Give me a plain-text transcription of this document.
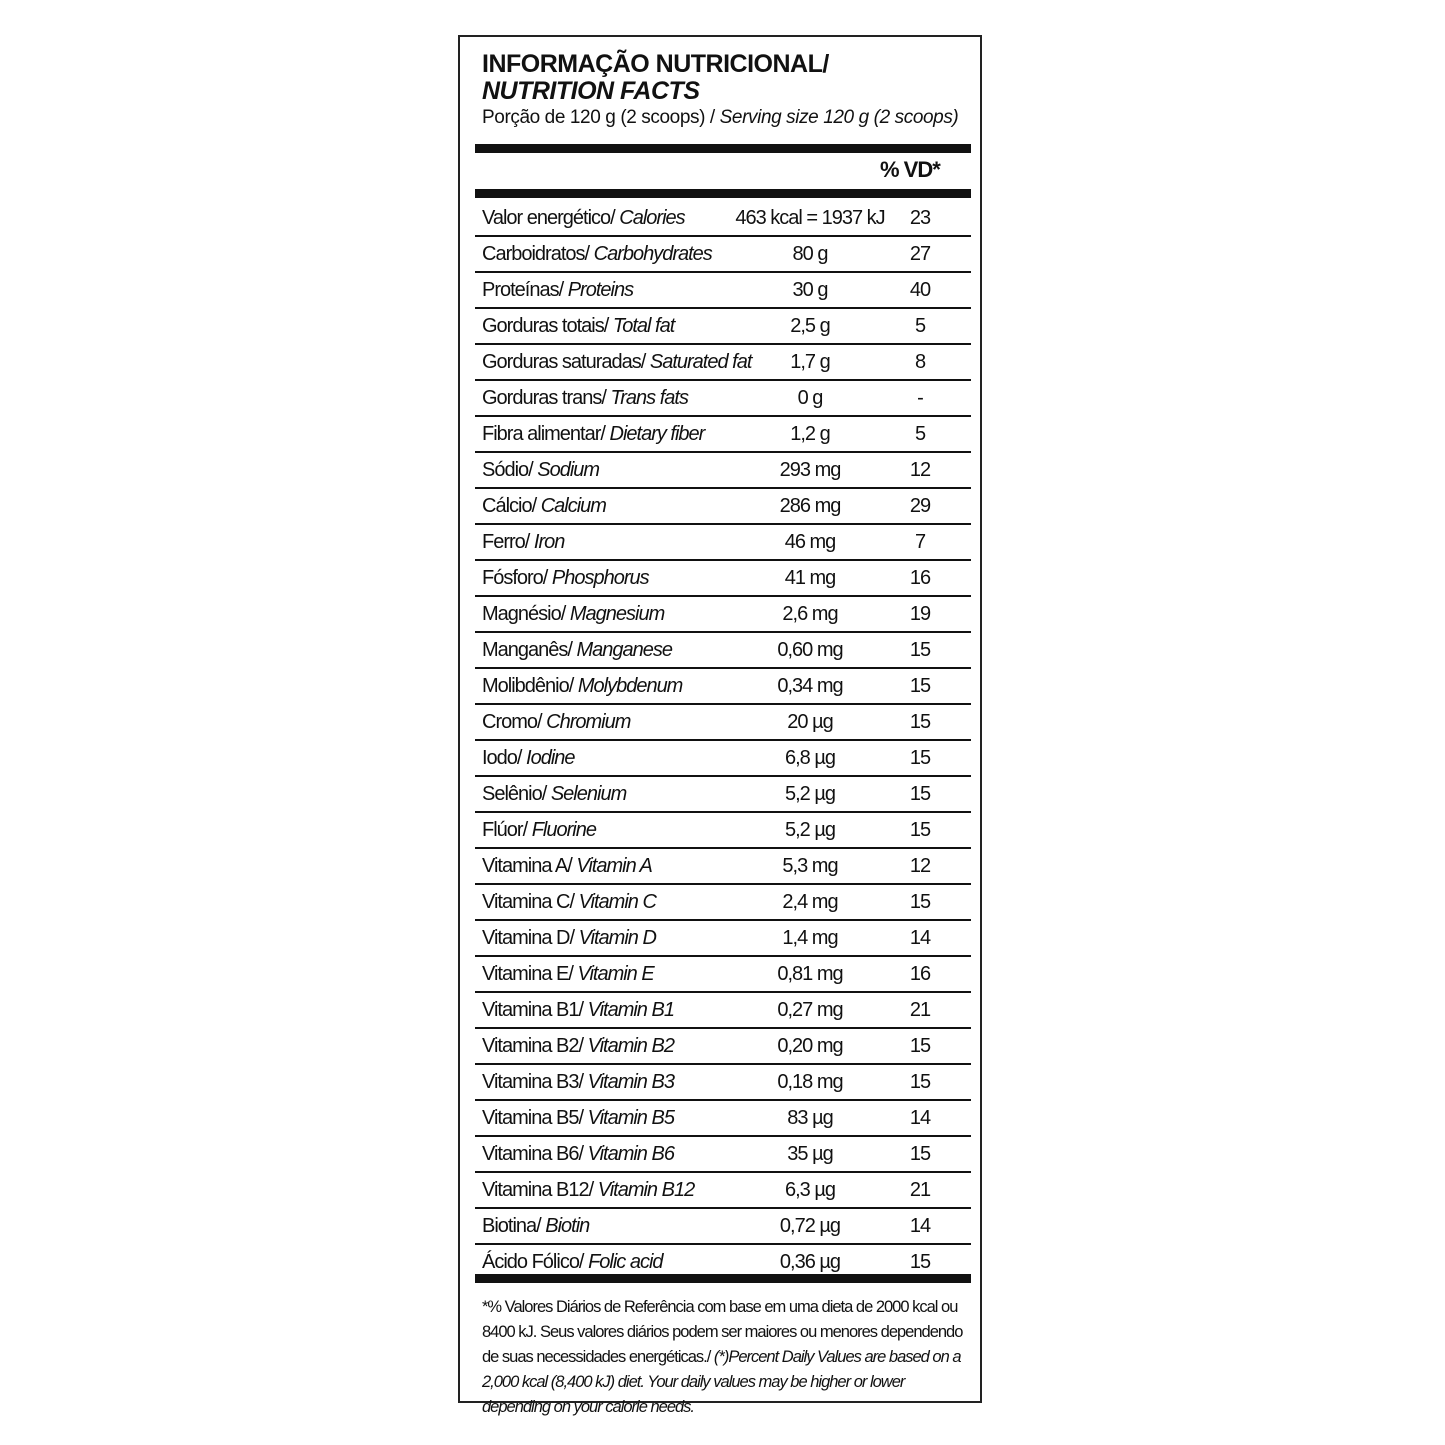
INFORMAÇÃO NUTRICIONAL/
NUTRITION FACTS
Porção de 120 g (2 scoops) / Serving size 120 g (2 scoops)
% VD*
Valor energético/ Calories	463 kcal = 1937 kJ	23
Carboidratos/ Carbohydrates	80 g	27
Proteínas/ Proteins	30 g	40
Gorduras totais/ Total fat	2,5 g	5
Gorduras saturadas/ Saturated fat	1,7 g	8
Gorduras trans/ Trans fats	0 g	-
Fibra alimentar/ Dietary fiber	1,2 g	5
Sódio/ Sodium	293 mg	12
Cálcio/ Calcium	286 mg	29
Ferro/ Iron	46 mg	7
Fósforo/ Phosphorus	41 mg	16
Magnésio/ Magnesium	2,6 mg	19
Manganês/ Manganese	0,60 mg	15
Molibdênio/ Molybdenum	0,34 mg	15
Cromo/ Chromium	20 µg	15
Iodo/ Iodine	6,8 µg	15
Selênio/ Selenium	5,2 µg	15
Flúor/ Fluorine	5,2 µg	15
Vitamina A/ Vitamin A	5,3 mg	12
Vitamina C/ Vitamin C	2,4 mg	15
Vitamina D/ Vitamin D	1,4 mg	14
Vitamina E/ Vitamin E	0,81 mg	16
Vitamina B1/ Vitamin B1	0,27 mg	21
Vitamina B2/ Vitamin B2	0,20 mg	15
Vitamina B3/ Vitamin B3	0,18 mg	15
Vitamina B5/ Vitamin B5	83 µg	14
Vitamina B6/ Vitamin B6	35 µg	15
Vitamina B12/ Vitamin B12	6,3 µg	21
Biotina/ Biotin	0,72 µg	14
Ácido Fólico/ Folic acid	0,36 µg	15
*% Valores Diários de Referência com base em uma dieta de 2000 kcal ou 8400 kJ. Seus valores diários podem ser maiores ou menores dependendo de suas necessidades energéticas./ (*)Percent Daily Values are based on a 2,000 kcal (8,400 kJ) diet. Your daily values may be higher or lower depending on your calorie needs.
